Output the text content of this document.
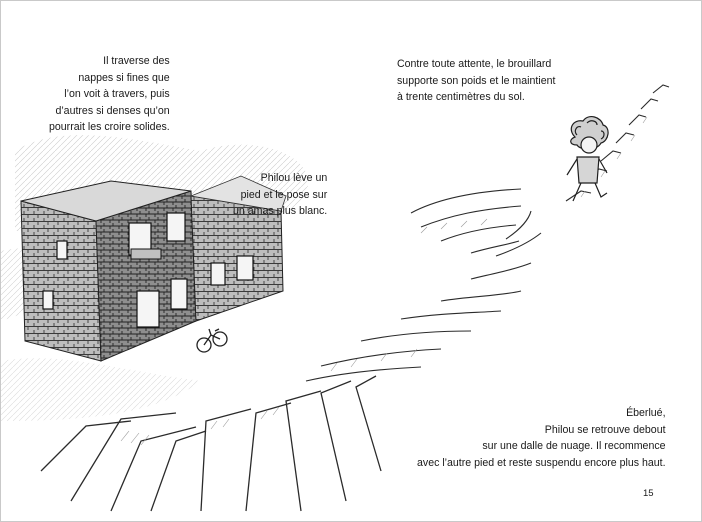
Il traverse des
nappes si fines que
l’on voit à travers, puis
d’autres si denses qu’on
pourrait les croire solides.
Philou lève un
pied et le pose sur
un amas plus blanc.
Contre toute attente, le brouillard
supporte son poids et le maintient
à trente centimètres du sol.
Éberlué,
Philou se retrouve debout
sur une dalle de nuage. Il recommence
avec l’autre pied et reste suspendu encore plus haut.
15
